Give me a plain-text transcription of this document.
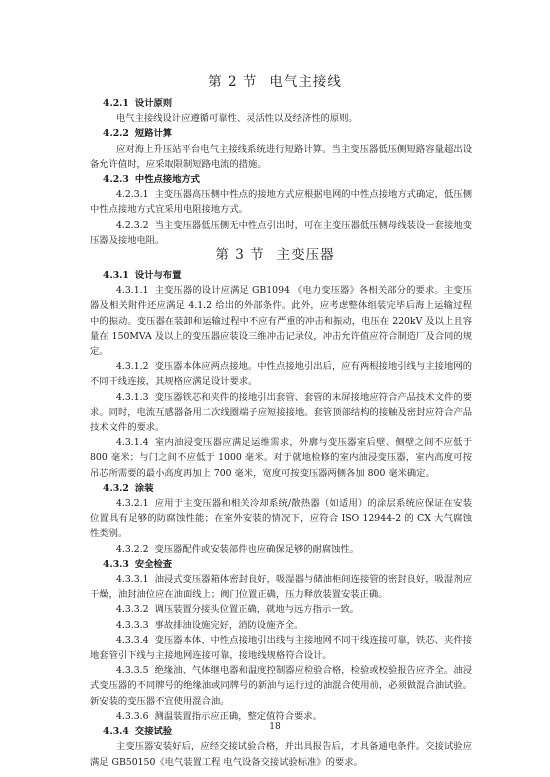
第 2 节 电气主接线
4.2.1 设计原则
电气主接线设计应遵循可靠性、灵活性以及经济性的原则。
4.2.2 短路计算
应对海上升压站平台电气主接线系统进行短路计算。当主变压器低压侧短路容量超出设备允许值时，应采取限制短路电流的措施。
4.2.3 中性点接地方式
4.2.3.1 主变压器高压侧中性点的接地方式应根据电网的中性点接地方式确定，低压侧中性点接地方式宜采用电阻接地方式。
4.2.3.2 当主变压器低压侧无中性点引出时，可在主变压器低压侧母线装设一套接地变压器及接地电阻。
第 3 节 主变压器
4.3.1 设计与布置
4.3.1.1 主变压器的设计应满足 GB1094 《电力变压器》各相关部分的要求。主变压器及相关附件还应满足 4.1.2 给出的外部条件。此外，应考虑整体组装完毕后海上运输过程中的振动。变压器在装卸和运输过程中不应有严重的冲击和振动，电压在 220kV 及以上且容量在 150MVA 及以上的变压器应装设三维冲击记录仪，冲击允许值应符合制造厂及合同的规定。
4.3.1.2 变压器本体应两点接地。中性点接地引出后，应有两根接地引线与主接地网的不同干线连接，其规格应满足设计要求。
4.3.1.3 变压器铁芯和夹件的接地引出套管、套管的末屏接地应符合产品技术文件的要求。同时，电流互感器备用二次线圈端子应短接接地。套管顶部结构的接触及密封应符合产品技术文件的要求。
4.3.1.4 室内油浸变压器应满足运维需求，外廓与变压器室后壁、侧壁之间不应低于 800 毫米；与门之间不应低于 1000 毫米。对于就地检修的室内油浸变压器，室内高度可按吊芯所需要的最小高度再加上 700 毫米，宽度可按变压器两侧各加 800 毫米确定。
4.3.2 涂装
4.3.2.1 应用于主变压器和相关冷却系统/散热器（如适用）的涂层系统应保证在安装位置具有足够的防腐蚀性能；在室外安装的情况下，应符合 ISO 12944-2 的 CX 大气腐蚀性类别。
4.3.2.2 变压器配件或安装部件也应确保足够的耐腐蚀性。
4.3.3 安全检查
4.3.3.1 油浸式变压器箱体密封良好，吸湿器与储油柜间连接管的密封良好，吸湿剂应干燥，油封油位应在油面线上；阀门位置正确，压力释放装置安装正确。
4.3.3.2 调压装置分接头位置正确，就地与远方指示一致。
4.3.3.3 事故排油设施完好，消防设施齐全。
4.3.3.4 变压器本体、中性点接地引出线与主接地网不同干线连接可靠，铁芯、夹件接地套管引下线与主接地网连接可靠，接地线规格符合设计。
4.3.3.5 绝缘油、气体继电器和温度控制器应检验合格，检验或校验报告应齐全。油浸式变压器的不同牌号的绝缘油或同牌号的新油与运行过的油混合使用前，必须做混合油试验。新安装的变压器不宜使用混合油。
4.3.3.6 测温装置指示应正确，整定值符合要求。
4.3.4 交接试验
主变压器安装好后，应经交接试验合格，并出具报告后，才具备通电条件。交接试验应满足 GB50150《电气装置工程 电气设备交接试验标准》的要求。
18
